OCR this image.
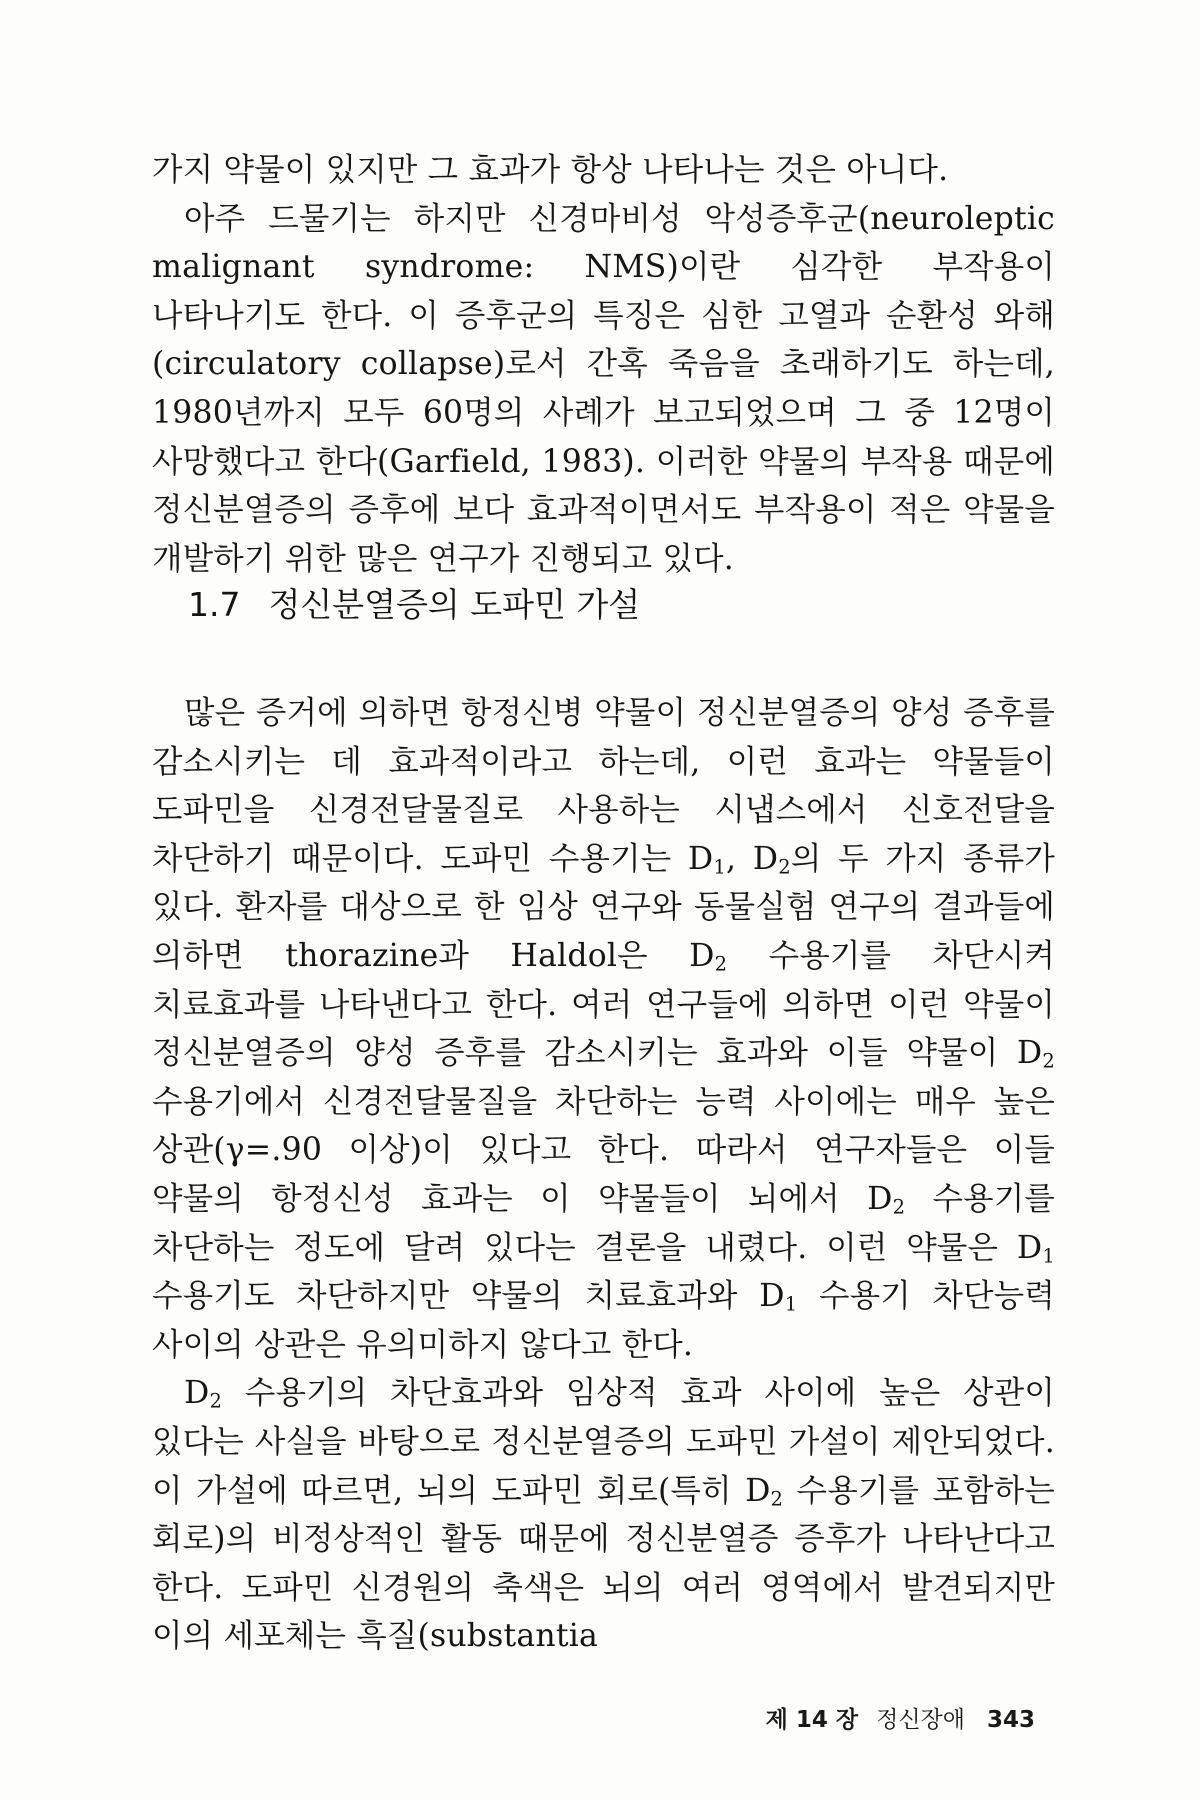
가지 약물이 있지만 그 효과가 항상 나타나는 것은 아니다.

아주 드물기는 하지만 신경마비성 악성증후군(neuroleptic malignant syndrome: NMS)이란 심각한 부작용이 나타나기도 한다. 이 증후군의 특징은 심한 고열과 순환성 와해(circulatory collapse)로서 간혹 죽음을 초래하기도 하는데, 1980년까지 모두 60명의 사례가 보고되었으며 그 중 12명이 사망했다고 한다(Garfield, 1983). 이러한 약물의 부작용 때문에 정신분열증의 증후에 보다 효과적이면서도 부작용이 적은 약물을 개발하기 위한 많은 연구가 진행되고 있다.

1.7 정신분열증의 도파민 가설

많은 증거에 의하면 항정신병 약물이 정신분열증의 양성 증후를 감소시키는 데 효과적이라고 하는데, 이런 효과는 약물들이 도파민을 신경전달물질로 사용하는 시냅스에서 신호전달을 차단하기 때문이다. 도파민 수용기는 $D_1$, $D_2$의 두 가지 종류가 있다. 환자를 대상으로 한 임상 연구와 동물실험 연구의 결과들에 의하면 thorazine과 Haldol은 $D_2$ 수용기를 차단시켜 치료효과를 나타낸다고 한다. 여러 연구들에 의하면 이런 약물이 정신분열증의 양성 증후를 감소시키는 효과와 이들 약물이 $D_2$ 수용기에서 신경전달물질을 차단하는 능력 사이에는 매우 높은 상관(γ=.90 이상)이 있다고 한다. 따라서 연구자들은 이들 약물의 항정신성 효과는 이 약물들이 뇌에서 $D_2$ 수용기를 차단하는 정도에 달려 있다는 결론을 내렸다. 이런 약물은 $D_1$ 수용기도 차단하지만 약물의 치료효과와 $D_1$ 수용기 차단능력 사이의 상관은 유의미하지 않다고 한다.

$D_2$ 수용기의 차단효과와 임상적 효과 사이에 높은 상관이 있다는 사실을 바탕으로 정신분열증의 도파민 가설이 제안되었다. 이 가설에 따르면, 뇌의 도파민 회로(특히 $D_2$ 수용기를 포함하는 회로)의 비정상적인 활동 때문에 정신분열증 증후가 나타난다고 한다. 도파민 신경원의 축색은 뇌의 여러 영역에서 발견되지만 이의 세포체는 흑질(substantia

제 14 장 정신장애 343
